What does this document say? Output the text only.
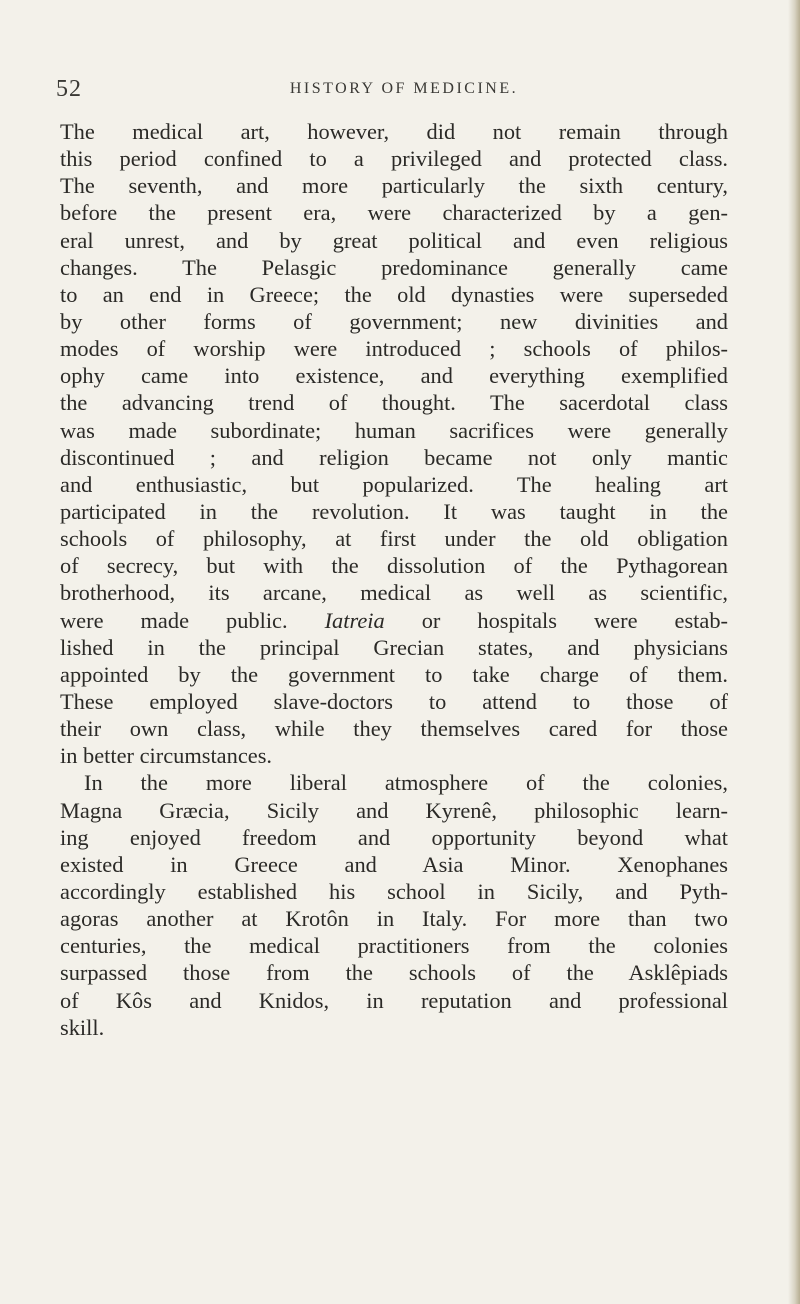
52	HISTORY OF MEDICINE.
The medical art, however, did not remain through
this period confined to a privileged and protected class.
The seventh, and more particularly the sixth century,
before the present era, were characterized by a gen-
eral unrest, and by great political and even religious
changes. The Pelasgic predominance generally came
to an end in Greece; the old dynasties were superseded
by other forms of government; new divinities and
modes of worship were introduced ; schools of philos-
ophy came into existence, and everything exemplified
the advancing trend of thought. The sacerdotal class
was made subordinate; human sacrifices were generally
discontinued ; and religion became not only mantic
and enthusiastic, but popularized. The healing art
participated in the revolution. It was taught in the
schools of philosophy, at first under the old obligation
of secrecy, but with the dissolution of the Pythagorean
brotherhood, its arcane, medical as well as scientific,
were made public. Iatreia or hospitals were estab-
lished in the principal Grecian states, and physicians
appointed by the government to take charge of them.
These employed slave-doctors to attend to those of
their own class, while they themselves cared for those
in better circumstances.
In the more liberal atmosphere of the colonies,
Magna Græcia, Sicily and Kyrenê, philosophic learn-
ing enjoyed freedom and opportunity beyond what
existed in Greece and Asia Minor. Xenophanes
accordingly established his school in Sicily, and Pyth-
agoras another at Krotôn in Italy. For more than two
centuries, the medical practitioners from the colonies
surpassed those from the schools of the Asklêpiads
of Kôs and Knidos, in reputation and professional
skill.
